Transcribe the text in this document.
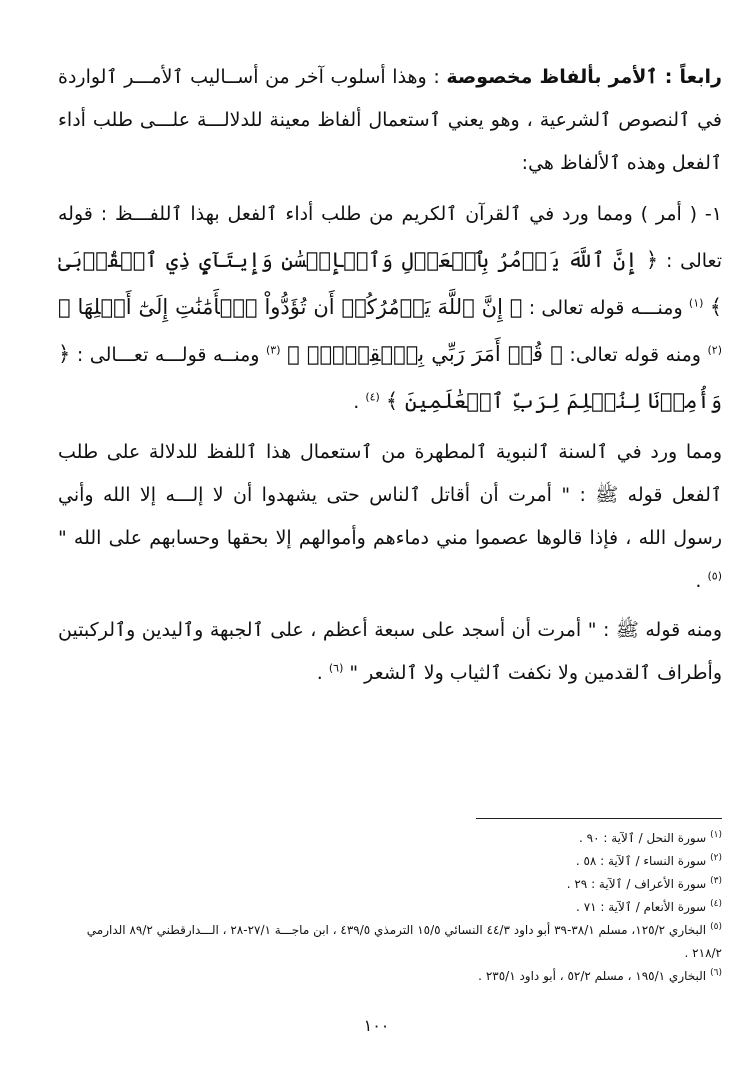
رابعاً : ٱلأمر بألفاظ مخصوصة : وهذا أسلوب آخر من أســاليب ٱلأمـــر ٱلواردة في ٱلنصوص ٱلشرعية ، وهو يعني ٱستعمال ألفاظ معينة للدلالـــة علـــى طلب أداء ٱلفعل وهذه ٱلألفاظ هي:

١- ( أمر ) ومما ورد في ٱلقرآن ٱلكريم من طلب أداء ٱلفعل بهذا ٱللفـــظ : قوله تعالى : ﴿ إِنَّ ٱللَّهَ يَأۡمُرُ بِٱلۡعَدۡلِ وَٱلۡإِحۡسَٰنِ وَإِيتَآيِٕ ذِي ٱلۡقُرۡبَىٰ ﴾ $^{(١)}$ ومنـــه قوله تعالى : ﴿ إِنَّ ٱللَّهَ يَأۡمُرُكُمۡ أَن تُؤَدُّواْ ٱلۡأَمَٰنَٰتِ إِلَىٰٓ أَهۡلِهَا ﴾ $^{(٢)}$ ومنه قوله تعالى: ﴿ قُلۡ أَمَرَ رَبِّي بِٱلۡقِسۡطِۖ ﴾ $^{(٣)}$ ومنــه قولـــه تعـــالى : ﴿ وَأُمِرۡنَا لِنُسۡلِمَ لِرَبِّ ٱلۡعَٰلَمِينَ ﴾ $^{(٤)}$ .

ومما ورد في ٱلسنة ٱلنبوية ٱلمطهرة من ٱستعمال هذا ٱللفظ للدلالة على طلب ٱلفعل قوله ﷺ : " أمرت أن أقاتل ٱلناس حتى يشهدوا أن لا إلـــه إلا الله وأني رسول الله ، فإذا قالوها عصموا مني دماءهم وأموالهم إلا بحقها وحسابهم على الله " $^{(٥)}$ .

ومنه قوله ﷺ : " أمرت أن أسجد على سبعة أعظم ، على ٱلجبهة وٱليدين وٱلركبتين وأطراف ٱلقدمين ولا نكفت ٱلثياب ولا ٱلشعر " $^{(٦)}$ .

$^{(١)}$سورة النحل / ٱلآية : ٩٠ .

$^{(٢)}$سورة النساء / ٱلآية : ٥٨ .

$^{(٣)}$سورة الأعراف / ٱلآية : ٢٩ .

$^{(٤)}$سورة الأنعام / ٱلآية : ٧١ .

$^{(٥)}$البخاري ١٢٥/٢، مسلم ٣٨/١-٣٩ أبو داود ٤٤/٣ النسائي ١٥/٥ الترمذي ٤٣٩/٥ ، ابن ماجـــة ٢٧/١-٢٨ ، الـــدارقطني ٨٩/٢ الدارمي ٢١٨/٢ .

$^{(٦)}$البخاري ١٩٥/١ ، مسلم ٥٢/٢ ، أبو داود ٢٣٥/١ .

١٠٠
